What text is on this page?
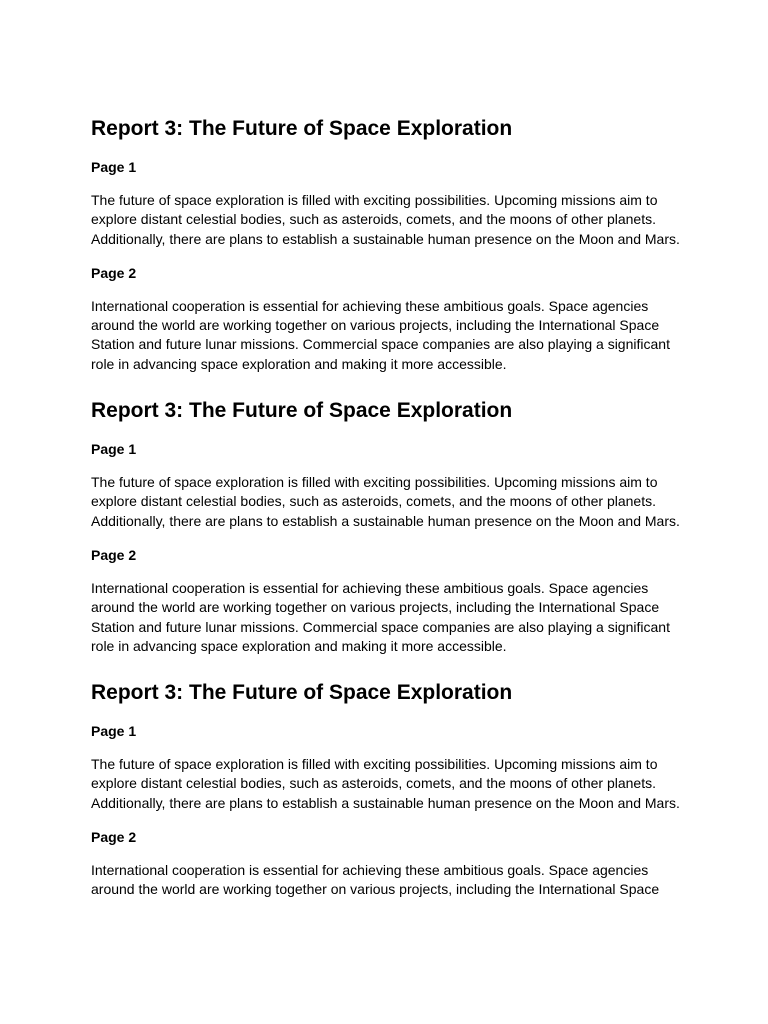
Report 3: The Future of Space Exploration
Page 1

The future of space exploration is filled with exciting possibilities. Upcoming missions aim to
explore distant celestial bodies, such as asteroids, comets, and the moons of other planets.
Additionally, there are plans to establish a sustainable human presence on the Moon and Mars.

Page 2

International cooperation is essential for achieving these ambitious goals. Space agencies
around the world are working together on various projects, including the International Space
Station and future lunar missions. Commercial space companies are also playing a significant
role in advancing space exploration and making it more accessible.

Report 3: The Future of Space Exploration
Page 1

The future of space exploration is filled with exciting possibilities. Upcoming missions aim to
explore distant celestial bodies, such as asteroids, comets, and the moons of other planets.
Additionally, there are plans to establish a sustainable human presence on the Moon and Mars.

Page 2

International cooperation is essential for achieving these ambitious goals. Space agencies
around the world are working together on various projects, including the International Space
Station and future lunar missions. Commercial space companies are also playing a significant
role in advancing space exploration and making it more accessible.

Report 3: The Future of Space Exploration
Page 1

The future of space exploration is filled with exciting possibilities. Upcoming missions aim to
explore distant celestial bodies, such as asteroids, comets, and the moons of other planets.
Additionally, there are plans to establish a sustainable human presence on the Moon and Mars.

Page 2

International cooperation is essential for achieving these ambitious goals. Space agencies
around the world are working together on various projects, including the International Space
